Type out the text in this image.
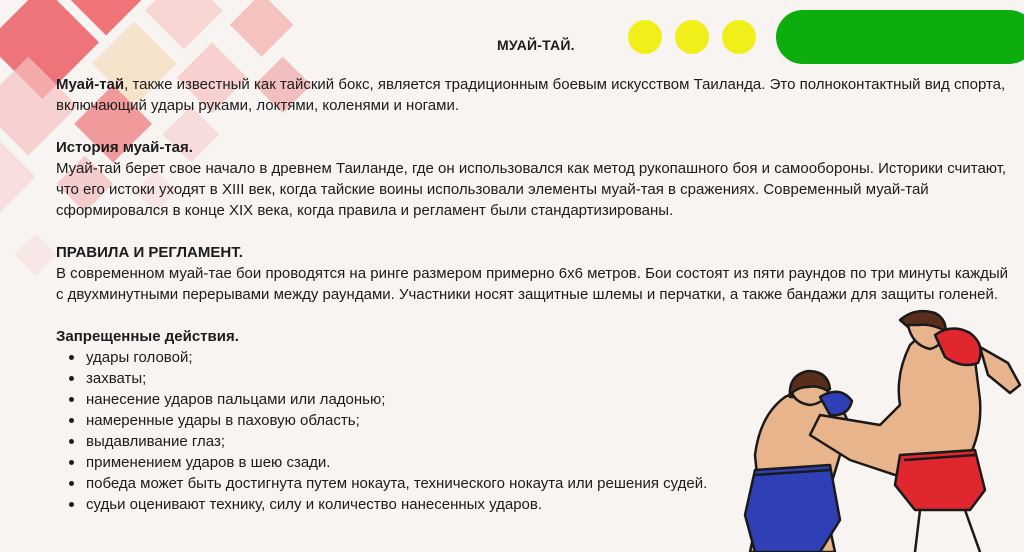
МУАЙ-ТАЙ.

Муай-тай, также известный как тайский бокс, является традиционным боевым искусством Таиланда. Это полноконтактный вид спорта, включающий удары руками, локтями, коленями и ногами.

История муай-тая.

Муай-тай берет свое начало в древнем Таиланде, где он использовался как метод рукопашного боя и самообороны. Историки считают, что его истоки уходят в XIII век, когда тайские воины использовали элементы муай-тая в сражениях. Современный муай-тай сформировался в конце XIX века, когда правила и регламент были стандартизированы.

ПРАВИЛА И РЕГЛАМЕНТ.

В современном муай-тае бои проводятся на ринге размером примерно 6х6 метров. Бои состоят из пяти раундов по три минуты каждый с двухминутными перерывами между раундами. Участники носят защитные шлемы и перчатки, а также бандажи для защиты голеней.

Запрещенные действия.
удары головой;
захваты;
нанесение ударов пальцами или ладонью;
намеренные удары в паховую область;
выдавливание глаз;
применением ударов в шею сзади.
победа может быть достигнута путем нокаута, технического нокаута или решения судей.
судьи оценивают технику, силу и количество нанесенных ударов.
